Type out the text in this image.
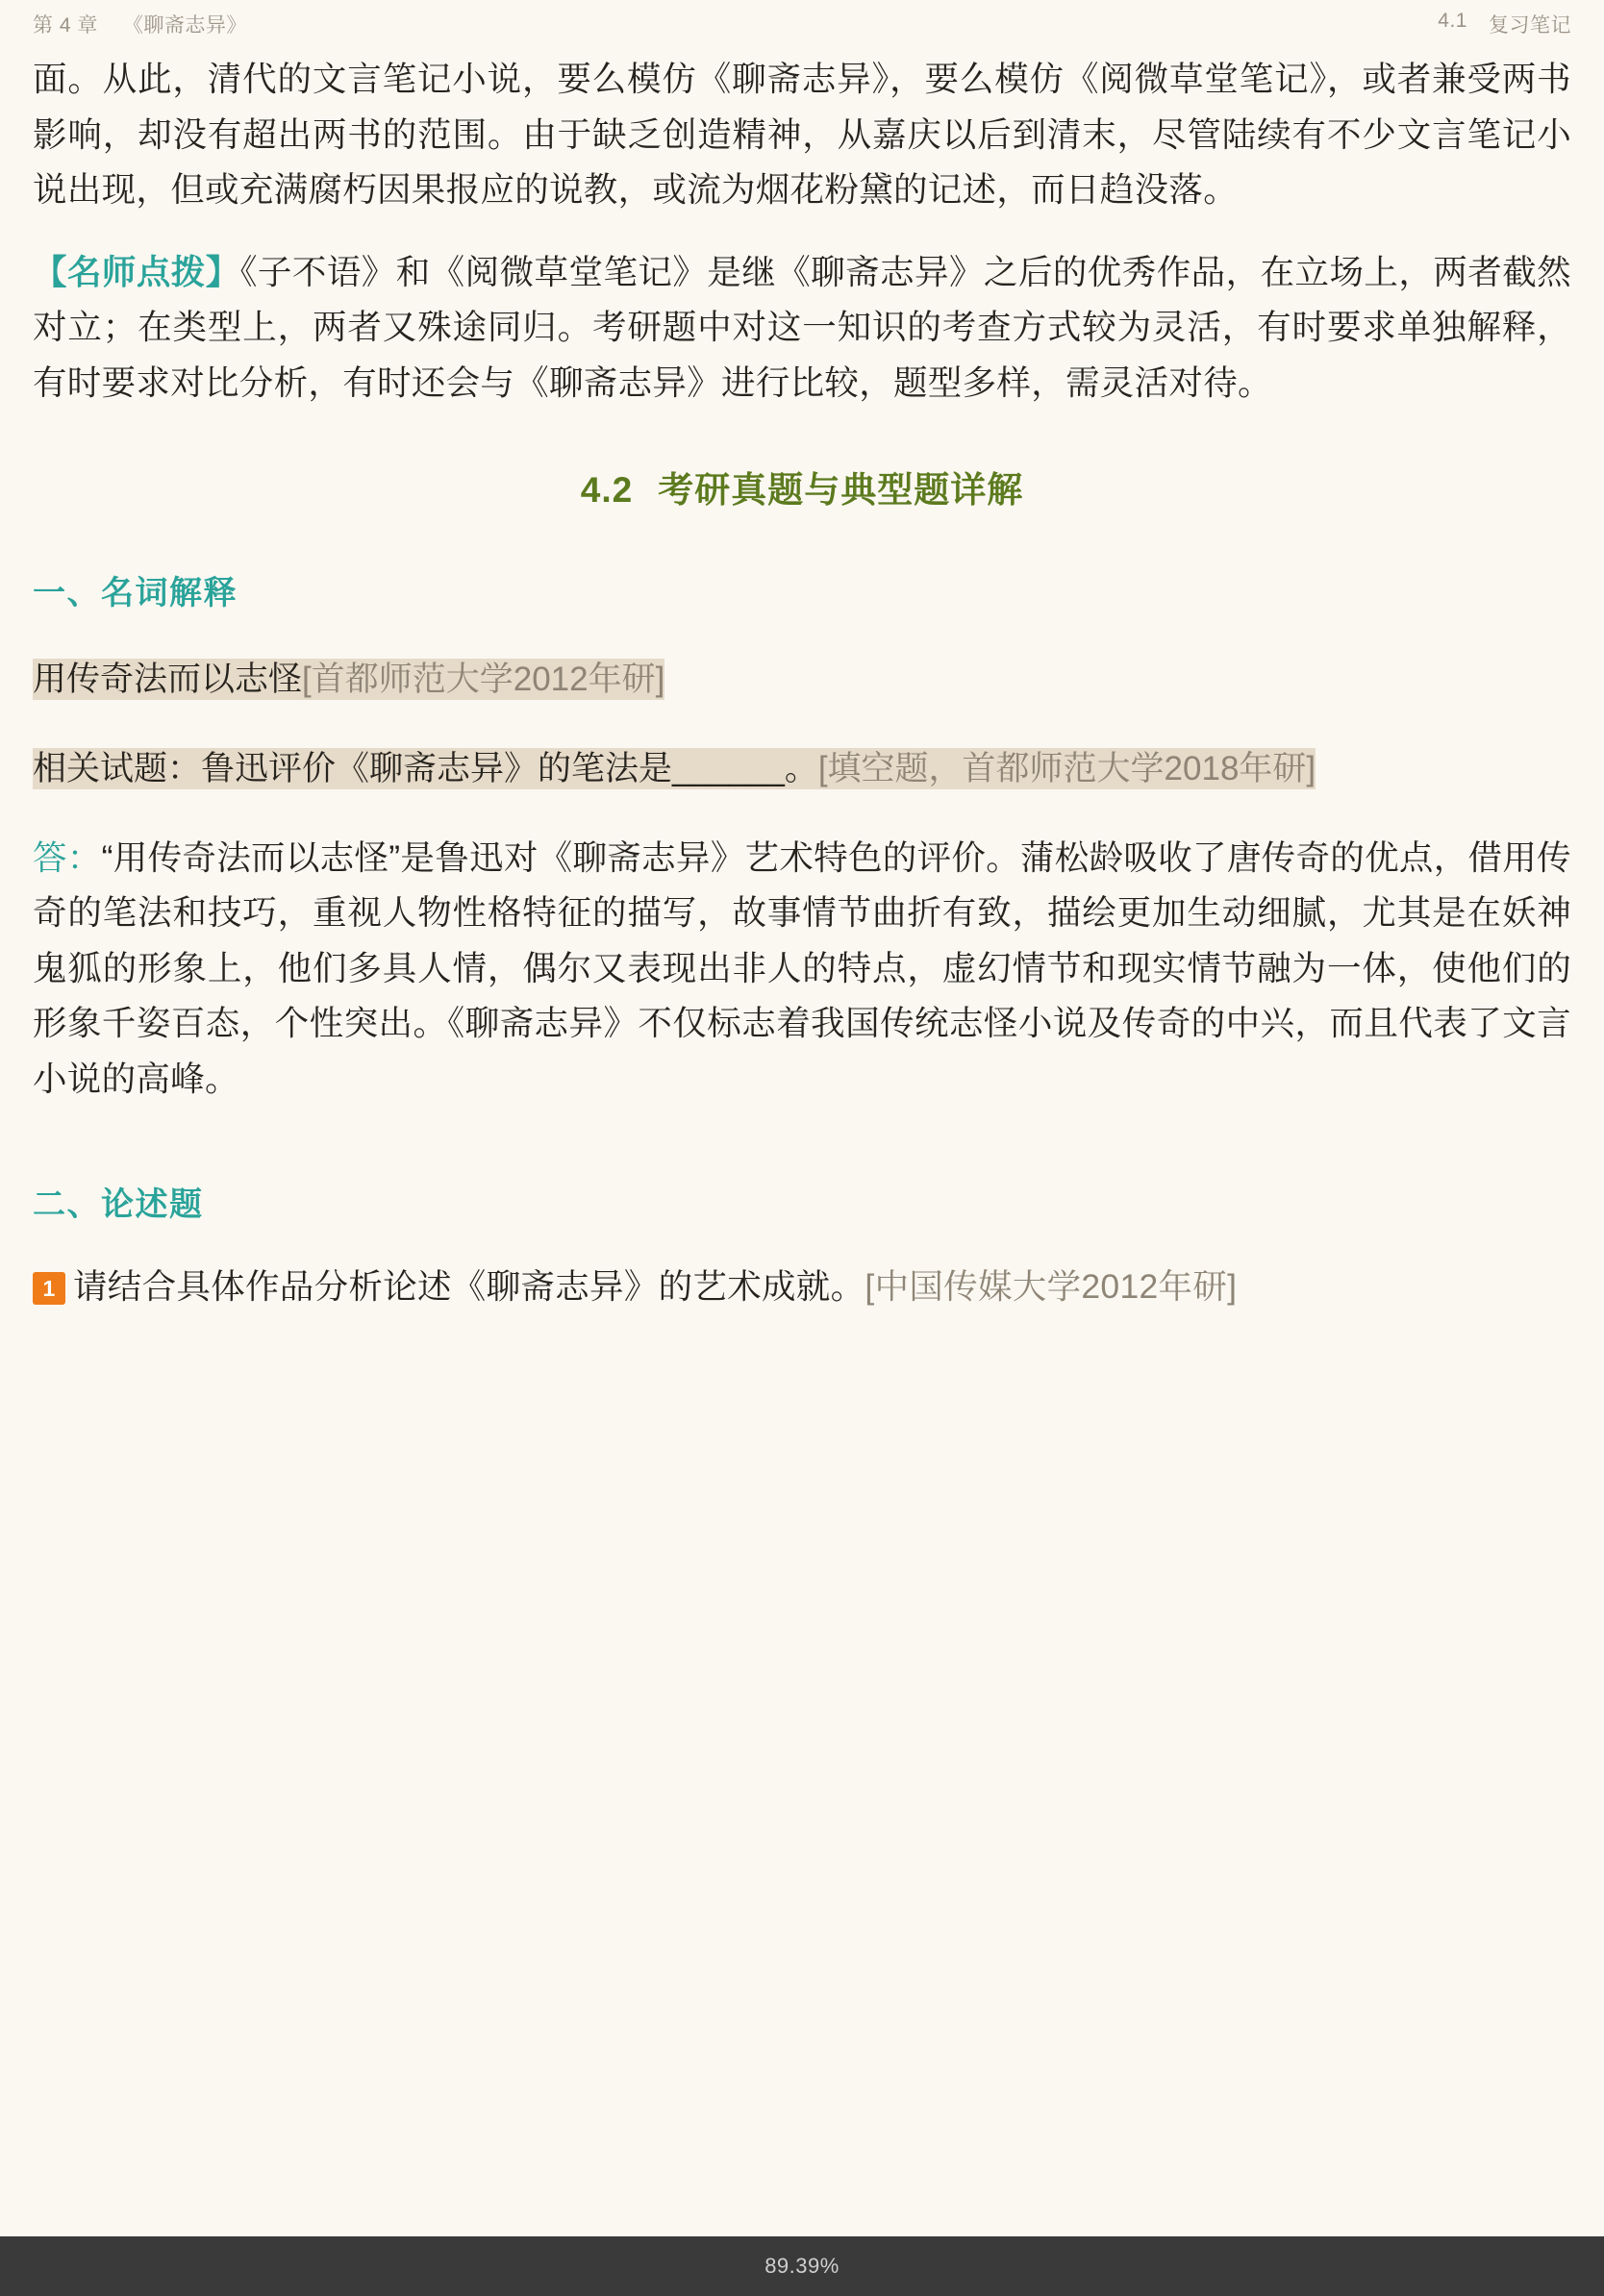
第 4 章 《聊斋志异》	4.1 复习笔记

面。从此，清代的文言笔记小说，要么模仿《聊斋志异》，要么模仿《阅微草堂笔记》，或者兼受两书影响，却没有超出两书的范围。由于缺乏创造精神，从嘉庆以后到清末，尽管陆续有不少文言笔记小说出现，但或充满腐朽因果报应的说教，或流为烟花粉黛的记述，而日趋没落。

【名师点拨】《子不语》和《阅微草堂笔记》是继《聊斋志异》之后的优秀作品，在立场上，两者截然对立；在类型上，两者又殊途同归。考研题中对这一知识的考查方式较为灵活，有时要求单独解释，有时要求对比分析，有时还会与《聊斋志异》进行比较，题型多样，需灵活对待。

4.2 考研真题与典型题详解
一、名词解释

用传奇法而以志怪[首都师范大学2012年研]

相关试题：鲁迅评价《聊斋志异》的笔法是______。[填空题，首都师范大学2018年研]

答：“用传奇法而以志怪”是鲁迅对《聊斋志异》艺术特色的评价。蒲松龄吸收了唐传奇的优点，借用传奇的笔法和技巧，重视人物性格特征的描写，故事情节曲折有致，描绘更加生动细腻，尤其是在妖神鬼狐的形象上，他们多具人情，偶尔又表现出非人的特点，虚幻情节和现实情节融为一体，使他们的形象千姿百态，个性突出。《聊斋志异》不仅标志着我国传统志怪小说及传奇的中兴，而且代表了文言小说的高峰。

二、论述题

1 请结合具体作品分析论述《聊斋志异》的艺术成就。[中国传媒大学2012年研]

89.39%
